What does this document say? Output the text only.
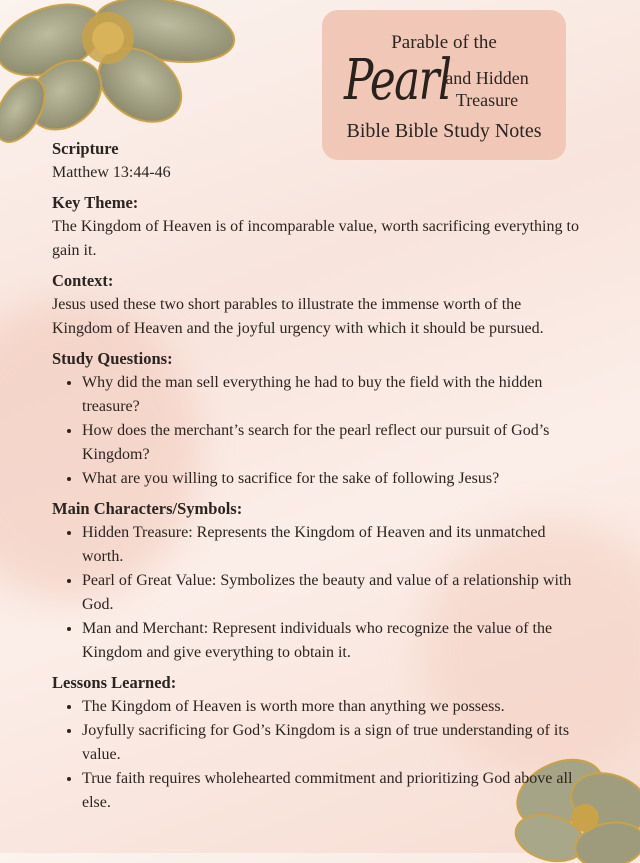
Parable of the
Pearl
and Hidden
Treasure
Bible Bible Study Notes
Scripture
Matthew 13:44-46
Key Theme:
The Kingdom of Heaven is of incomparable value, worth sacrificing everything to gain it.
Context:
Jesus used these two short parables to illustrate the immense worth of the Kingdom of Heaven and the joyful urgency with which it should be pursued.
Study Questions:
• Why did the man sell everything he had to buy the field with the hidden treasure?
• How does the merchant’s search for the pearl reflect our pursuit of God’s Kingdom?
• What are you willing to sacrifice for the sake of following Jesus?
Main Characters/Symbols:
• Hidden Treasure: Represents the Kingdom of Heaven and its unmatched worth.
• Pearl of Great Value: Symbolizes the beauty and value of a relationship with God.
• Man and Merchant: Represent individuals who recognize the value of the Kingdom and give everything to obtain it.
Lessons Learned:
• The Kingdom of Heaven is worth more than anything we possess.
• Joyfully sacrificing for God’s Kingdom is a sign of true understanding of its value.
• True faith requires wholehearted commitment and prioritizing God above all else.
